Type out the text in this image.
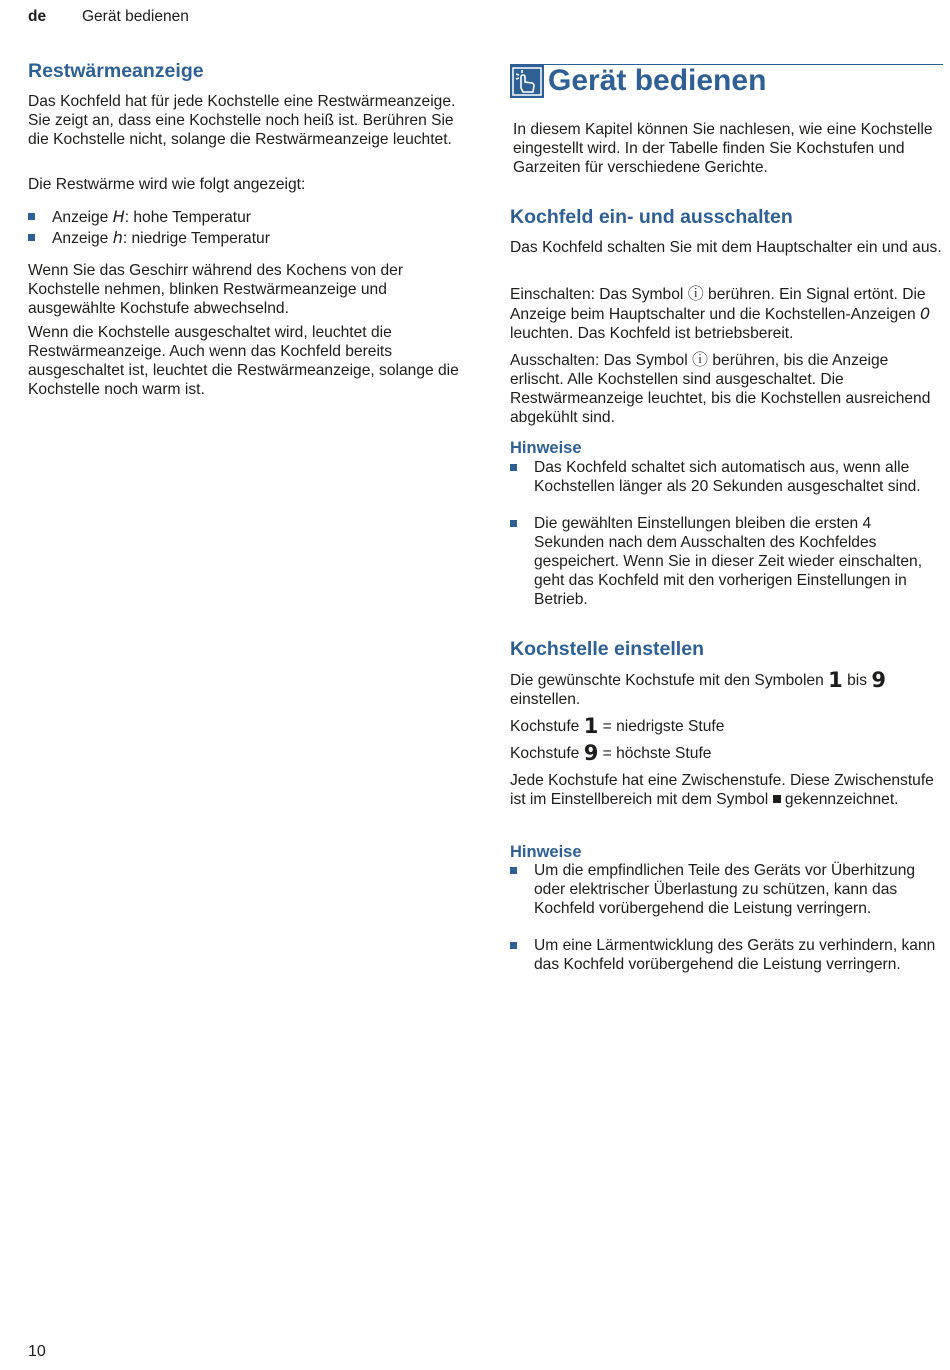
de Gerät bedienen
Restwärmeanzeige

Das Kochfeld hat für jede Kochstelle eine Restwärmeanzeige. Sie zeigt an, dass eine Kochstelle noch heiß ist. Berühren Sie die Kochstelle nicht, solange die Restwärmeanzeige leuchtet.

Die Restwärme wird wie folgt angezeigt:

Anzeige H: hohe Temperatur
Anzeige h: niedrige Temperatur

Wenn Sie das Geschirr während des Kochens von der Kochstelle nehmen, blinken Restwärmeanzeige und ausgewählte Kochstufe abwechselnd.

Wenn die Kochstelle ausgeschaltet wird, leuchtet die Restwärmeanzeige. Auch wenn das Kochfeld bereits ausgeschaltet ist, leuchtet die Restwärmeanzeige, solange die Kochstelle noch warm ist.

Gerät bedienen

In diesem Kapitel können Sie nachlesen, wie eine Kochstelle eingestellt wird. In der Tabelle finden Sie Kochstufen und Garzeiten für verschiedene Gerichte.

Kochfeld ein- und ausschalten

Das Kochfeld schalten Sie mit dem Hauptschalter ein und aus.

Einschalten: Das Symbol ⓘ berühren. Ein Signal ertönt. Die Anzeige beim Hauptschalter und die Kochstellen-Anzeigen 0 leuchten. Das Kochfeld ist betriebsbereit.

Ausschalten: Das Symbol ⓘ berühren, bis die Anzeige erlischt. Alle Kochstellen sind ausgeschaltet. Die Restwärmeanzeige leuchtet, bis die Kochstellen ausreichend abgekühlt sind.

Hinweise
Das Kochfeld schaltet sich automatisch aus, wenn alle Kochstellen länger als 20 Sekunden ausgeschaltet sind.
Die gewählten Einstellungen bleiben die ersten 4 Sekunden nach dem Ausschalten des Kochfeldes gespeichert. Wenn Sie in dieser Zeit wieder einschalten, geht das Kochfeld mit den vorherigen Einstellungen in Betrieb.
Kochstelle einstellen

Die gewünschte Kochstufe mit den Symbolen 1 bis 9 einstellen.

Kochstufe 1 = niedrigste Stufe

Kochstufe 9 = höchste Stufe

Jede Kochstufe hat eine Zwischenstufe. Diese Zwischenstufe ist im Einstellbereich mit dem Symbol  gekennzeichnet.

Hinweise
Um die empfindlichen Teile des Geräts vor Überhitzung oder elektrischer Überlastung zu schützen, kann das Kochfeld vorübergehend die Leistung verringern.
Um eine Lärmentwicklung des Geräts zu verhindern, kann das Kochfeld vorübergehend die Leistung verringern.
10
